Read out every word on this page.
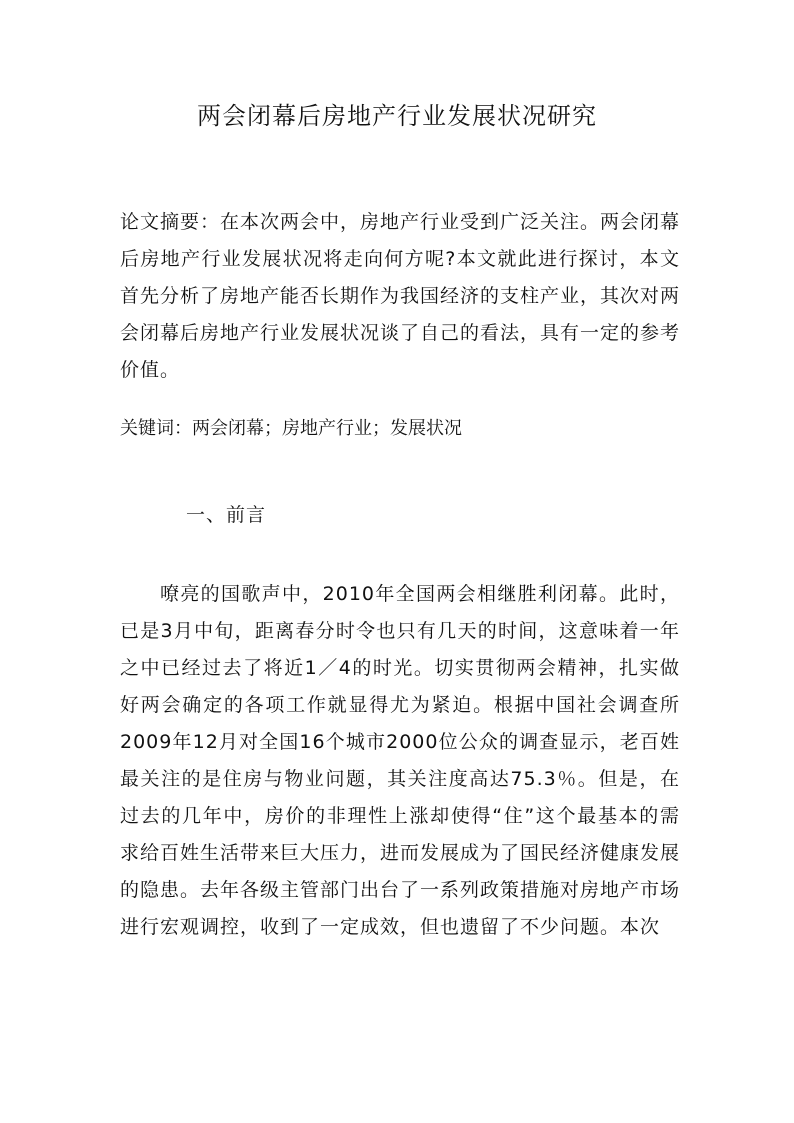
两会闭幕后房地产行业发展状况研究
论文摘要：在本次两会中，房地产行业受到广泛关注。两会闭幕后房地产行业发展状况将走向何方呢?本文就此进行探讨，本文首先分析了房地产能否长期作为我国经济的支柱产业，其次对两会闭幕后房地产行业发展状况谈了自己的看法，具有一定的参考价值。
关键词：两会闭幕；房地产行业；发展状况
一、前言
嘹亮的国歌声中，2010年全国两会相继胜利闭幕。此时，已是3月中旬，距离春分时令也只有几天的时间，这意味着一年之中已经过去了将近1／4的时光。切实贯彻两会精神，扎实做好两会确定的各项工作就显得尤为紧迫。根据中国社会调查所2009年12月对全国16个城市2000位公众的调查显示，老百姓最关注的是住房与物业问题，其关注度高达75.3％。但是，在过去的几年中，房价的非理性上涨却使得“住”这个最基本的需求给百姓生活带来巨大压力，进而发展成为了国民经济健康发展的隐患。去年各级主管部门出台了一系列政策措施对房地产市场进行宏观调控，收到了一定成效，但也遗留了不少问题。本次
